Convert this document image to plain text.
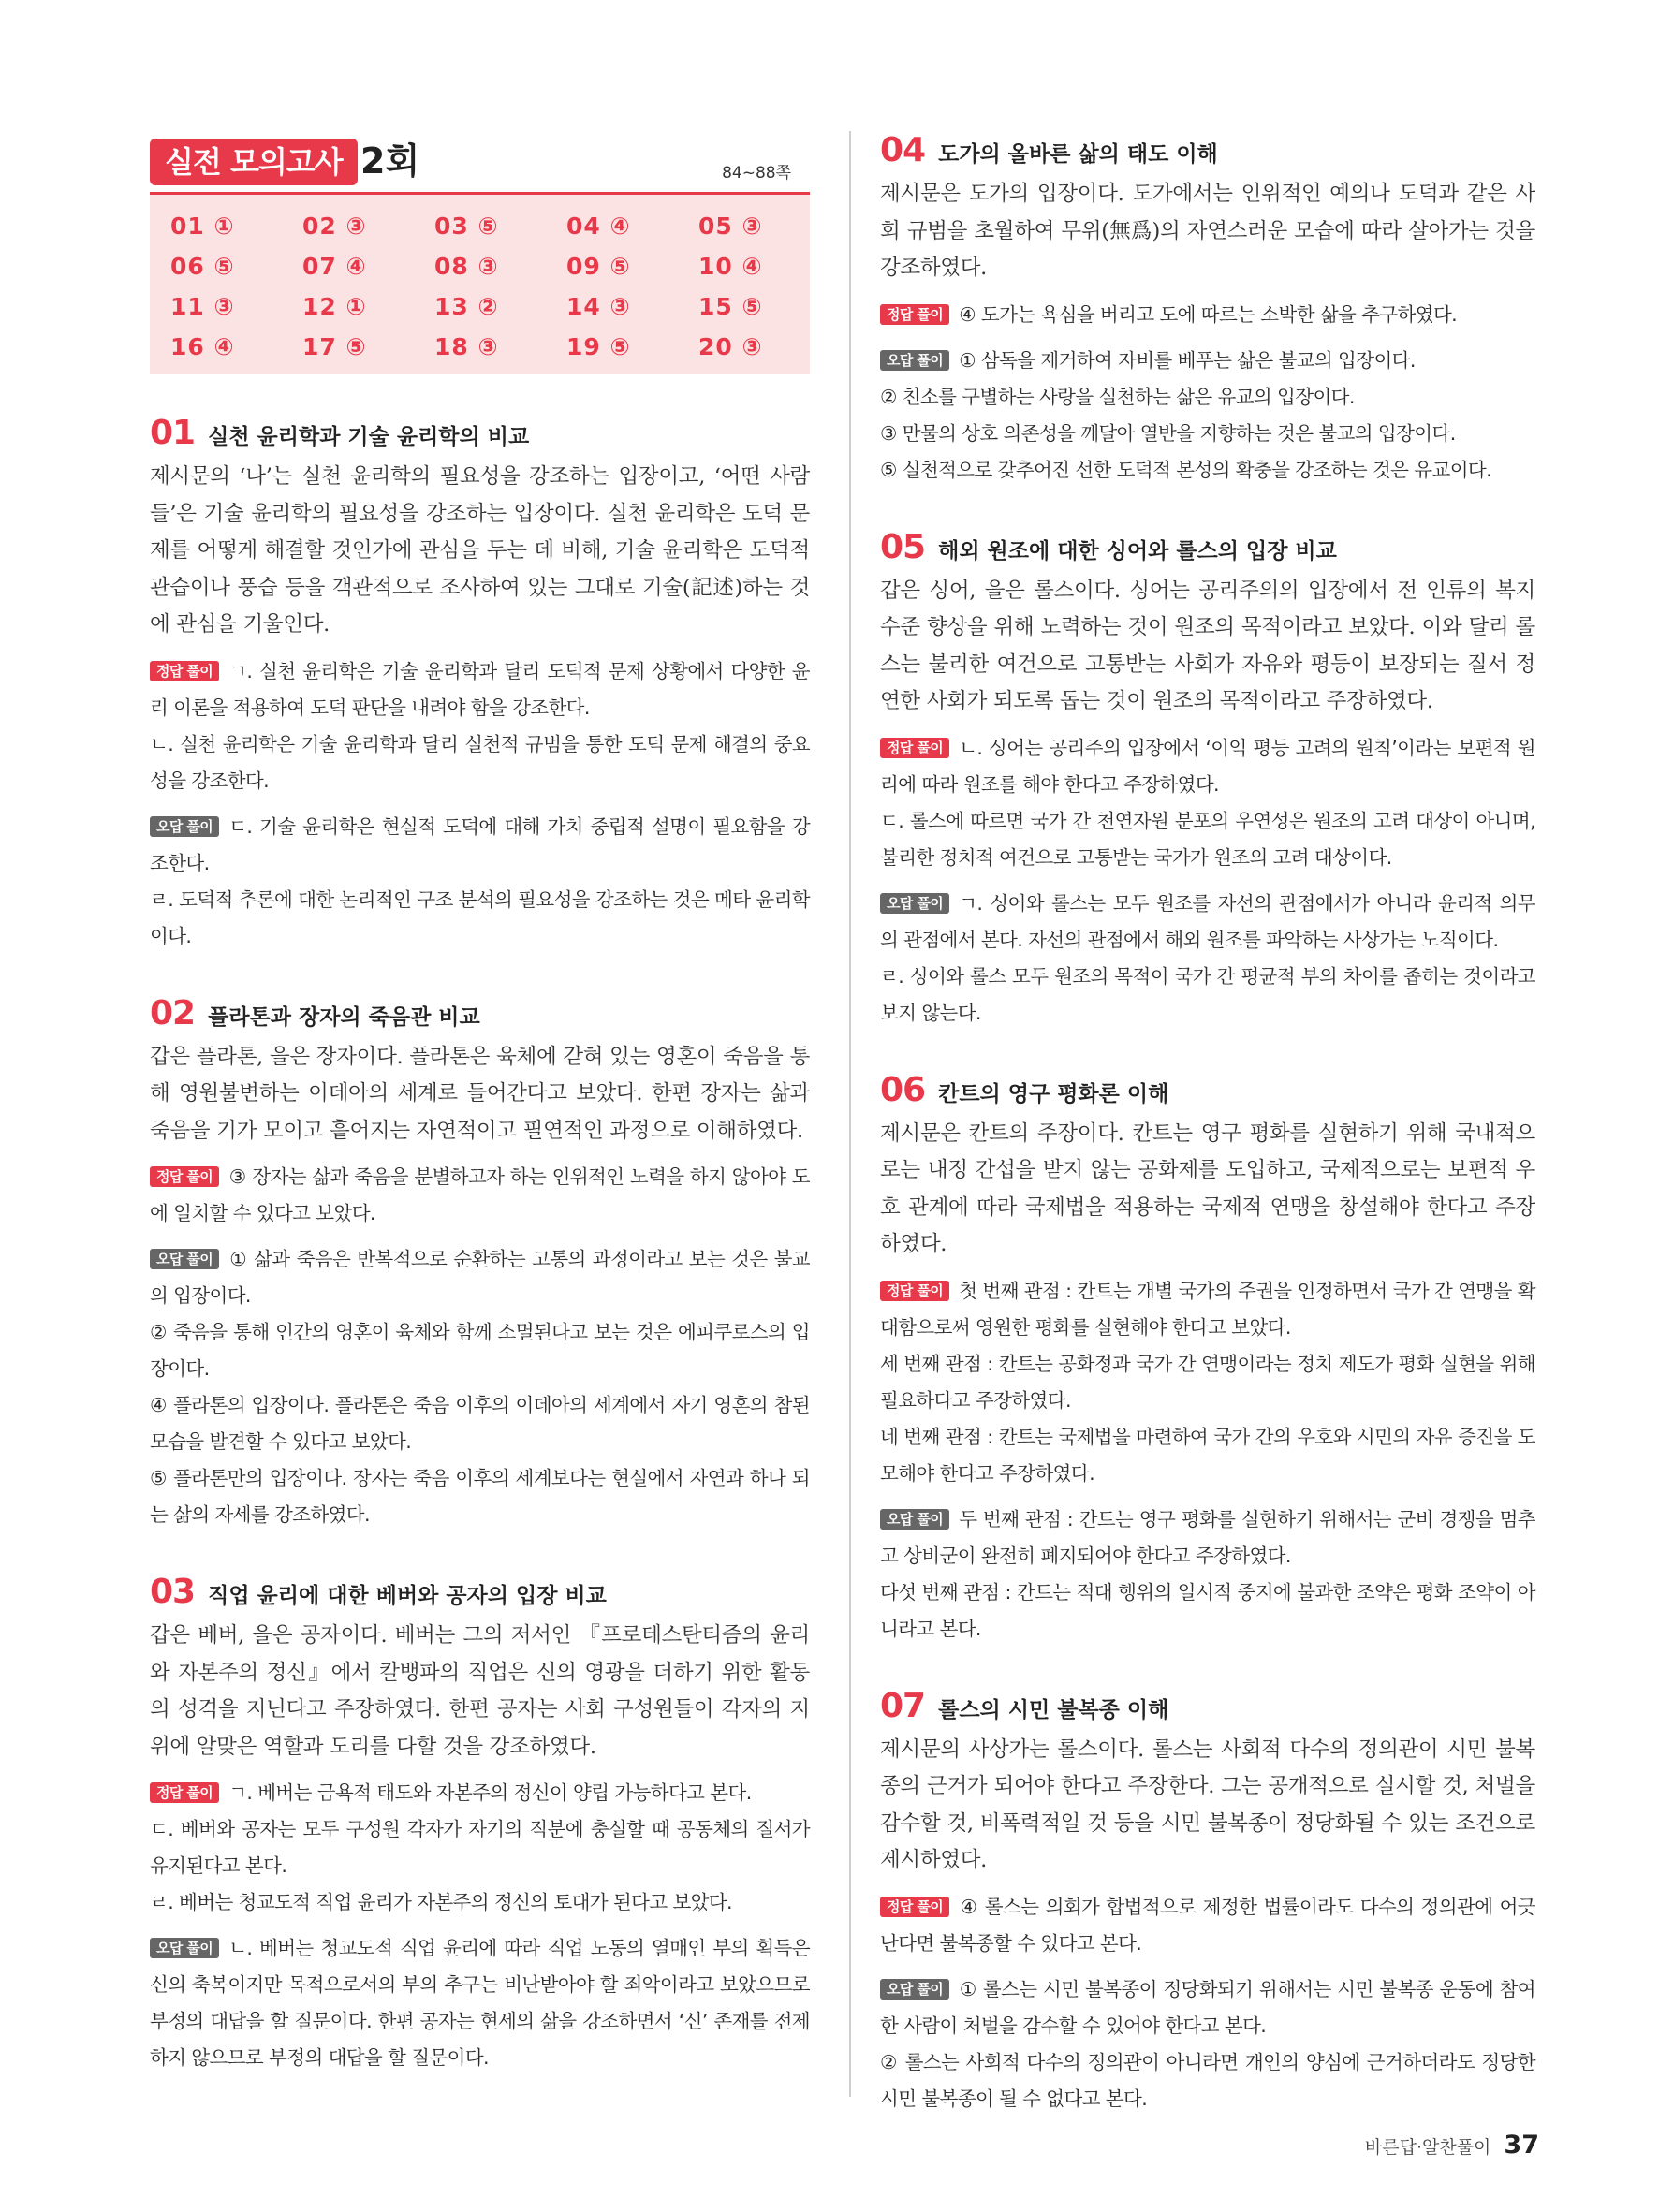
실전 모의고사 2회	84~88쪽
01 ①	02 ③	03 ⑤	04 ④	05 ③
06 ⑤	07 ④	08 ③	09 ⑤	10 ④
11 ③	12 ①	13 ②	14 ③	15 ⑤
16 ④	17 ⑤	18 ③	19 ⑤	20 ③
01 실천 윤리학과 기술 윤리학의 비교
제시문의 ‘나’는 실천 윤리학의 필요성을 강조하는 입장이고, ‘어떤 사람들’은 기술 윤리학의 필요성을 강조하는 입장이다. 실천 윤리학은 도덕 문제를 어떻게 해결할 것인가에 관심을 두는 데 비해, 기술 윤리학은 도덕적 관습이나 풍습 등을 객관적으로 조사하여 있는 그대로 기술(記述)하는 것에 관심을 기울인다.
정답 풀이 ㄱ. 실천 윤리학은 기술 윤리학과 달리 도덕적 문제 상황에서 다양한 윤리 이론을 적용하여 도덕 판단을 내려야 함을 강조한다.
ㄴ. 실천 윤리학은 기술 윤리학과 달리 실천적 규범을 통한 도덕 문제 해결의 중요성을 강조한다.
오답 풀이 ㄷ. 기술 윤리학은 현실적 도덕에 대해 가치 중립적 설명이 필요함을 강조한다.
ㄹ. 도덕적 추론에 대한 논리적인 구조 분석의 필요성을 강조하는 것은 메타 윤리학이다.
02 플라톤과 장자의 죽음관 비교
갑은 플라톤, 을은 장자이다. 플라톤은 육체에 갇혀 있는 영혼이 죽음을 통해 영원불변하는 이데아의 세계로 들어간다고 보았다. 한편 장자는 삶과 죽음을 기가 모이고 흩어지는 자연적이고 필연적인 과정으로 이해하였다.
정답 풀이 ③ 장자는 삶과 죽음을 분별하고자 하는 인위적인 노력을 하지 않아야 도에 일치할 수 있다고 보았다.
오답 풀이 ① 삶과 죽음은 반복적으로 순환하는 고통의 과정이라고 보는 것은 불교의 입장이다.
② 죽음을 통해 인간의 영혼이 육체와 함께 소멸된다고 보는 것은 에피쿠로스의 입장이다.
④ 플라톤의 입장이다. 플라톤은 죽음 이후의 이데아의 세계에서 자기 영혼의 참된 모습을 발견할 수 있다고 보았다.
⑤ 플라톤만의 입장이다. 장자는 죽음 이후의 세계보다는 현실에서 자연과 하나 되는 삶의 자세를 강조하였다.
03 직업 윤리에 대한 베버와 공자의 입장 비교
갑은 베버, 을은 공자이다. 베버는 그의 저서인 『프로테스탄티즘의 윤리와 자본주의 정신』에서 칼뱅파의 직업은 신의 영광을 더하기 위한 활동의 성격을 지닌다고 주장하였다. 한편 공자는 사회 구성원들이 각자의 지위에 알맞은 역할과 도리를 다할 것을 강조하였다.
정답 풀이 ㄱ. 베버는 금욕적 태도와 자본주의 정신이 양립 가능하다고 본다.
ㄷ. 베버와 공자는 모두 구성원 각자가 자기의 직분에 충실할 때 공동체의 질서가 유지된다고 본다.
ㄹ. 베버는 청교도적 직업 윤리가 자본주의 정신의 토대가 된다고 보았다.
오답 풀이 ㄴ. 베버는 청교도적 직업 윤리에 따라 직업 노동의 열매인 부의 획득은 신의 축복이지만 목적으로서의 부의 추구는 비난받아야 할 죄악이라고 보았으므로 부정의 대답을 할 질문이다. 한편 공자는 현세의 삶을 강조하면서 ‘신’ 존재를 전제하지 않으므로 부정의 대답을 할 질문이다.
04 도가의 올바른 삶의 태도 이해
제시문은 도가의 입장이다. 도가에서는 인위적인 예의나 도덕과 같은 사회 규범을 초월하여 무위(無爲)의 자연스러운 모습에 따라 살아가는 것을 강조하였다.
정답 풀이 ④ 도가는 욕심을 버리고 도에 따르는 소박한 삶을 추구하였다.
오답 풀이 ① 삼독을 제거하여 자비를 베푸는 삶은 불교의 입장이다.
② 친소를 구별하는 사랑을 실천하는 삶은 유교의 입장이다.
③ 만물의 상호 의존성을 깨달아 열반을 지향하는 것은 불교의 입장이다.
⑤ 실천적으로 갖추어진 선한 도덕적 본성의 확충을 강조하는 것은 유교이다.
05 해외 원조에 대한 싱어와 롤스의 입장 비교
갑은 싱어, 을은 롤스이다. 싱어는 공리주의의 입장에서 전 인류의 복지 수준 향상을 위해 노력하는 것이 원조의 목적이라고 보았다. 이와 달리 롤스는 불리한 여건으로 고통받는 사회가 자유와 평등이 보장되는 질서 정연한 사회가 되도록 돕는 것이 원조의 목적이라고 주장하였다.
정답 풀이 ㄴ. 싱어는 공리주의 입장에서 ‘이익 평등 고려의 원칙’이라는 보편적 원리에 따라 원조를 해야 한다고 주장하였다.
ㄷ. 롤스에 따르면 국가 간 천연자원 분포의 우연성은 원조의 고려 대상이 아니며, 불리한 정치적 여건으로 고통받는 국가가 원조의 고려 대상이다.
오답 풀이 ㄱ. 싱어와 롤스는 모두 원조를 자선의 관점에서가 아니라 윤리적 의무의 관점에서 본다. 자선의 관점에서 해외 원조를 파악하는 사상가는 노직이다.
ㄹ. 싱어와 롤스 모두 원조의 목적이 국가 간 평균적 부의 차이를 좁히는 것이라고 보지 않는다.
06 칸트의 영구 평화론 이해
제시문은 칸트의 주장이다. 칸트는 영구 평화를 실현하기 위해 국내적으로는 내정 간섭을 받지 않는 공화제를 도입하고, 국제적으로는 보편적 우호 관계에 따라 국제법을 적용하는 국제적 연맹을 창설해야 한다고 주장하였다.
정답 풀이 첫 번째 관점 : 칸트는 개별 국가의 주권을 인정하면서 국가 간 연맹을 확대함으로써 영원한 평화를 실현해야 한다고 보았다.
세 번째 관점 : 칸트는 공화정과 국가 간 연맹이라는 정치 제도가 평화 실현을 위해 필요하다고 주장하였다.
네 번째 관점 : 칸트는 국제법을 마련하여 국가 간의 우호와 시민의 자유 증진을 도모해야 한다고 주장하였다.
오답 풀이 두 번째 관점 : 칸트는 영구 평화를 실현하기 위해서는 군비 경쟁을 멈추고 상비군이 완전히 폐지되어야 한다고 주장하였다.
다섯 번째 관점 : 칸트는 적대 행위의 일시적 중지에 불과한 조약은 평화 조약이 아니라고 본다.
07 롤스의 시민 불복종 이해
제시문의 사상가는 롤스이다. 롤스는 사회적 다수의 정의관이 시민 불복종의 근거가 되어야 한다고 주장한다. 그는 공개적으로 실시할 것, 처벌을 감수할 것, 비폭력적일 것 등을 시민 불복종이 정당화될 수 있는 조건으로 제시하였다.
정답 풀이 ④ 롤스는 의회가 합법적으로 제정한 법률이라도 다수의 정의관에 어긋난다면 불복종할 수 있다고 본다.
오답 풀이 ① 롤스는 시민 불복종이 정당화되기 위해서는 시민 불복종 운동에 참여한 사람이 처벌을 감수할 수 있어야 한다고 본다.
② 롤스는 사회적 다수의 정의관이 아니라면 개인의 양심에 근거하더라도 정당한 시민 불복종이 될 수 없다고 본다.
바른답·알찬풀이 37
